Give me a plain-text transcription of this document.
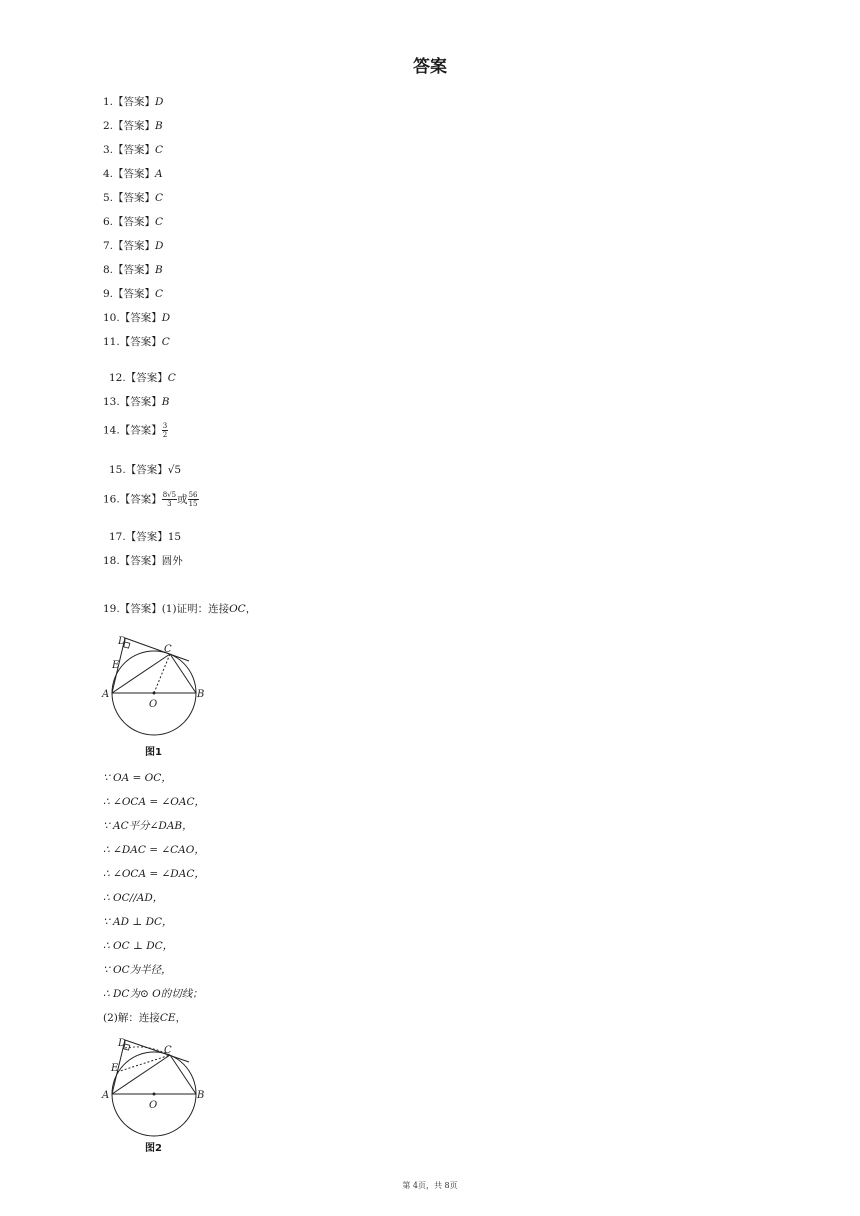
答案
1.【答案】D
2.【答案】B
3.【答案】C
4.【答案】A
5.【答案】C
6.【答案】C
7.【答案】D
8.【答案】B
9.【答案】C
10.【答案】D
11.【答案】C
12.【答案】C
13.【答案】B
14.【答案】 $\frac{3}{2}$
15.【答案】√5
16.【答案】 $\frac{8√5}{3}$ 或 $\frac{56}{15}$
17.【答案】15
18.【答案】圆外
19.【答案】(1)证明：连接OC，
D
E
C
A
O
B
图1
∵ OA = OC，
∴ ∠OCA = ∠OAC，
∵ AC平分∠DAB，
∴ ∠DAC = ∠CAO，
∴ ∠OCA = ∠DAC，
∴ OC//AD，
∵ AD ⊥ DC，
∴ OC ⊥ DC，
∵ OC为半径，
∴ DC为⊙ O的切线；
(2)解：连接CE，
D
E
C
A
O
B
图2
第 4页，共 8页
